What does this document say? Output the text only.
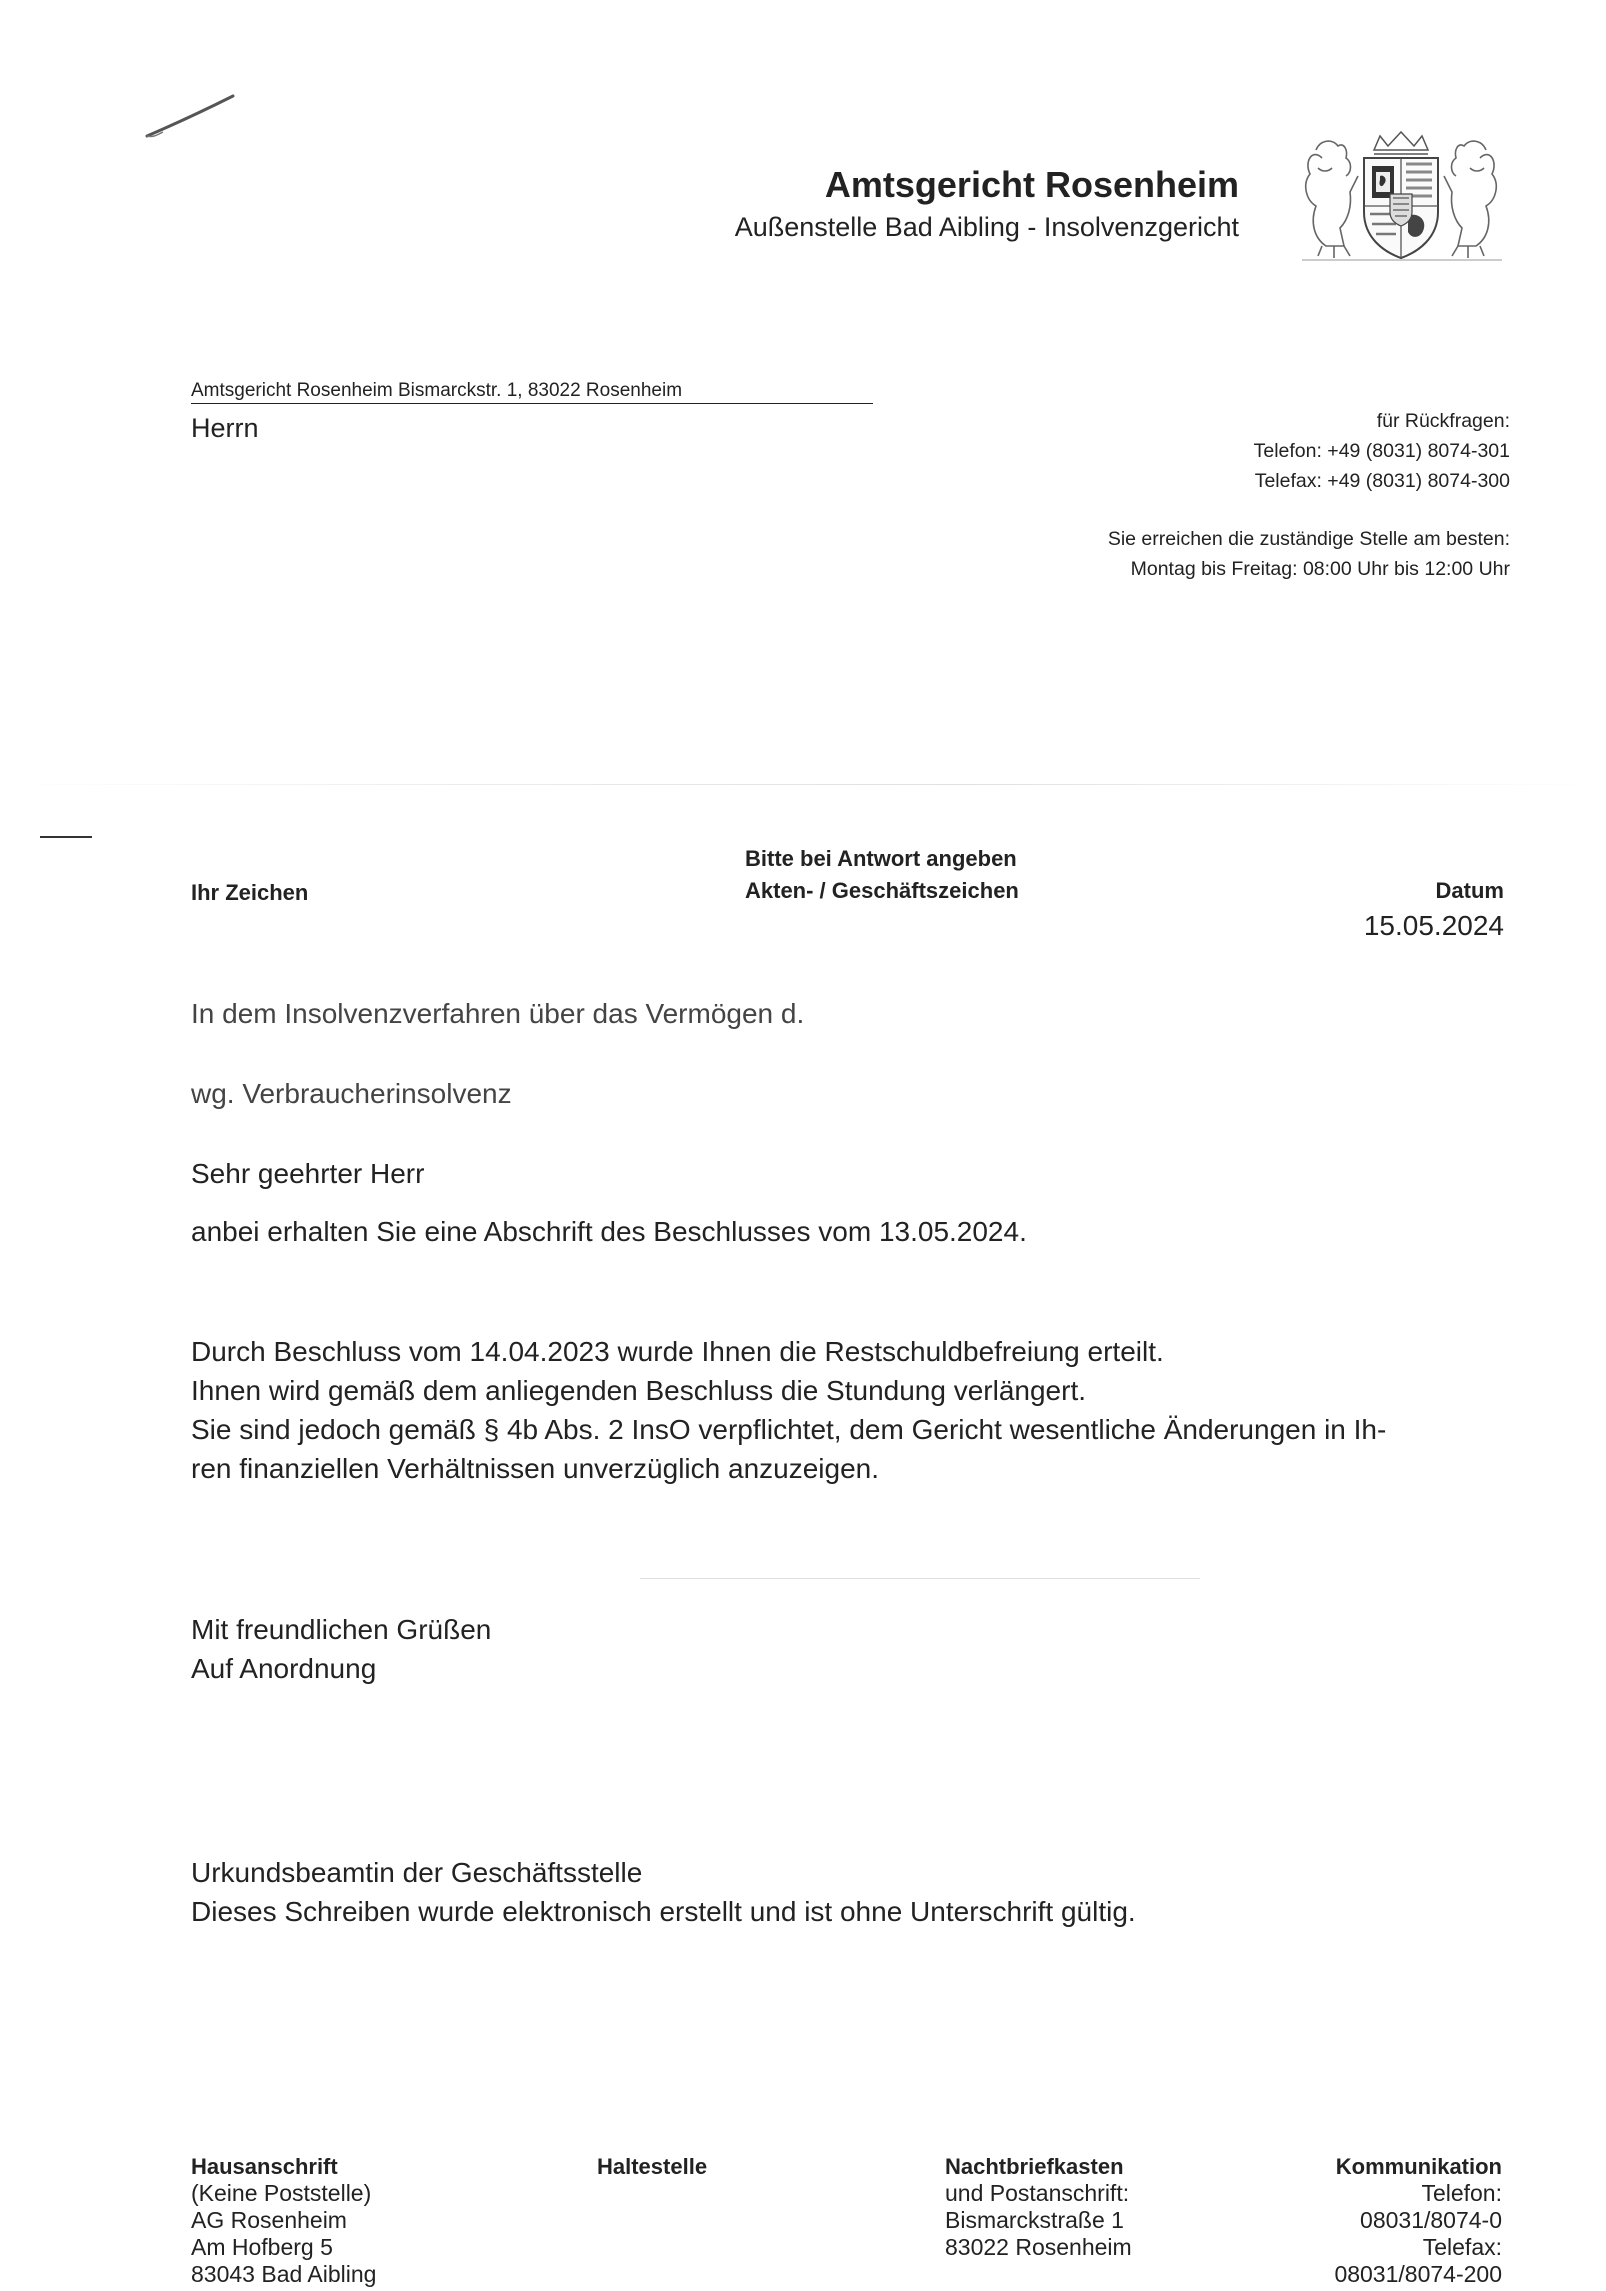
Amtsgericht Rosenheim
Außenstelle Bad Aibling - Insolvenzgericht
Amtsgericht Rosenheim Bismarckstr. 1, 83022 Rosenheim
Herrn	für Rückfragen:
Telefon: +49 (8031) 8074-301
Telefax: +49 (8031) 8074-300
Sie erreichen die zuständige Stelle am besten:
Montag bis Freitag: 08:00 Uhr bis 12:00 Uhr
Ihr Zeichen
Bitte bei Antwort angeben
Akten- / Geschäftszeichen	Datum
15.05.2024
In dem Insolvenzverfahren über das Vermögen d.
wg. Verbraucherinsolvenz
Sehr geehrter Herr
anbei erhalten Sie eine Abschrift des Beschlusses vom 13.05.2024.
Durch Beschluss vom 14.04.2023 wurde Ihnen die Restschuldbefreiung erteilt.
Ihnen wird gemäß dem anliegenden Beschluss die Stundung verlängert.
Sie sind jedoch gemäß § 4b Abs. 2 InsO verpflichtet, dem Gericht wesentliche Änderungen in Ih-
ren finanziellen Verhältnissen unverzüglich anzuzeigen.
Mit freundlichen Grüßen
Auf Anordnung
Urkundsbeamtin der Geschäftsstelle
Dieses Schreiben wurde elektronisch erstellt und ist ohne Unterschrift gültig.
Hausanschrift
(Keine Poststelle)
AG Rosenheim
Am Hofberg 5
83043 Bad Aibling
Haltestelle	Nachtbriefkasten
und Postanschrift:
Bismarckstraße 1
83022 Rosenheim
Kommunikation
Telefon:
08031/8074-0
Telefax:
08031/8074-200
